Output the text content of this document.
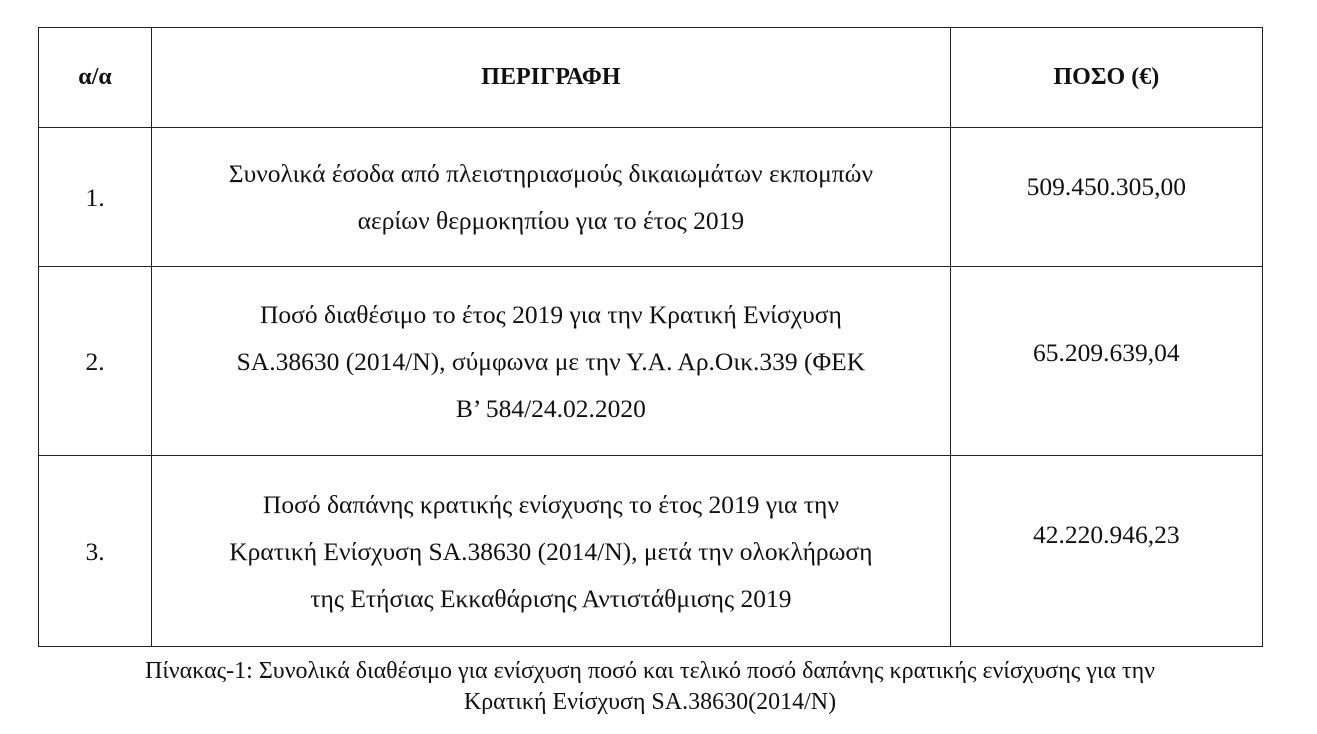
α/α	ΠΕΡΙΓΡΑΦΗ	ΠΟΣΟ (€)
1.	Συνολικά έσοδα από πλειστηριασμούς δικαιωμάτων εκπομπών
αερίων θερμοκηπίου για το έτος 2019	509.450.305,00
2.	Ποσό διαθέσιμο το έτος 2019 για την Κρατική Ενίσχυση
SA.38630 (2014/N), σύμφωνα με την Υ.Α. Αρ.Οικ.339 (ΦΕΚ
Β’ 584/24.02.2020	65.209.639,04
3.	Ποσό δαπάνης κρατικής ενίσχυσης το έτος 2019 για την
Κρατική Ενίσχυση SA.38630 (2014/N), μετά την ολοκλήρωση
της Ετήσιας Εκκαθάρισης Αντιστάθμισης 2019	42.220.946,23
Πίνακας-1: Συνολικά διαθέσιμο για ενίσχυση ποσό και τελικό ποσό δαπάνης κρατικής ενίσχυσης για την
Κρατική Ενίσχυση SA.38630(2014/N)
